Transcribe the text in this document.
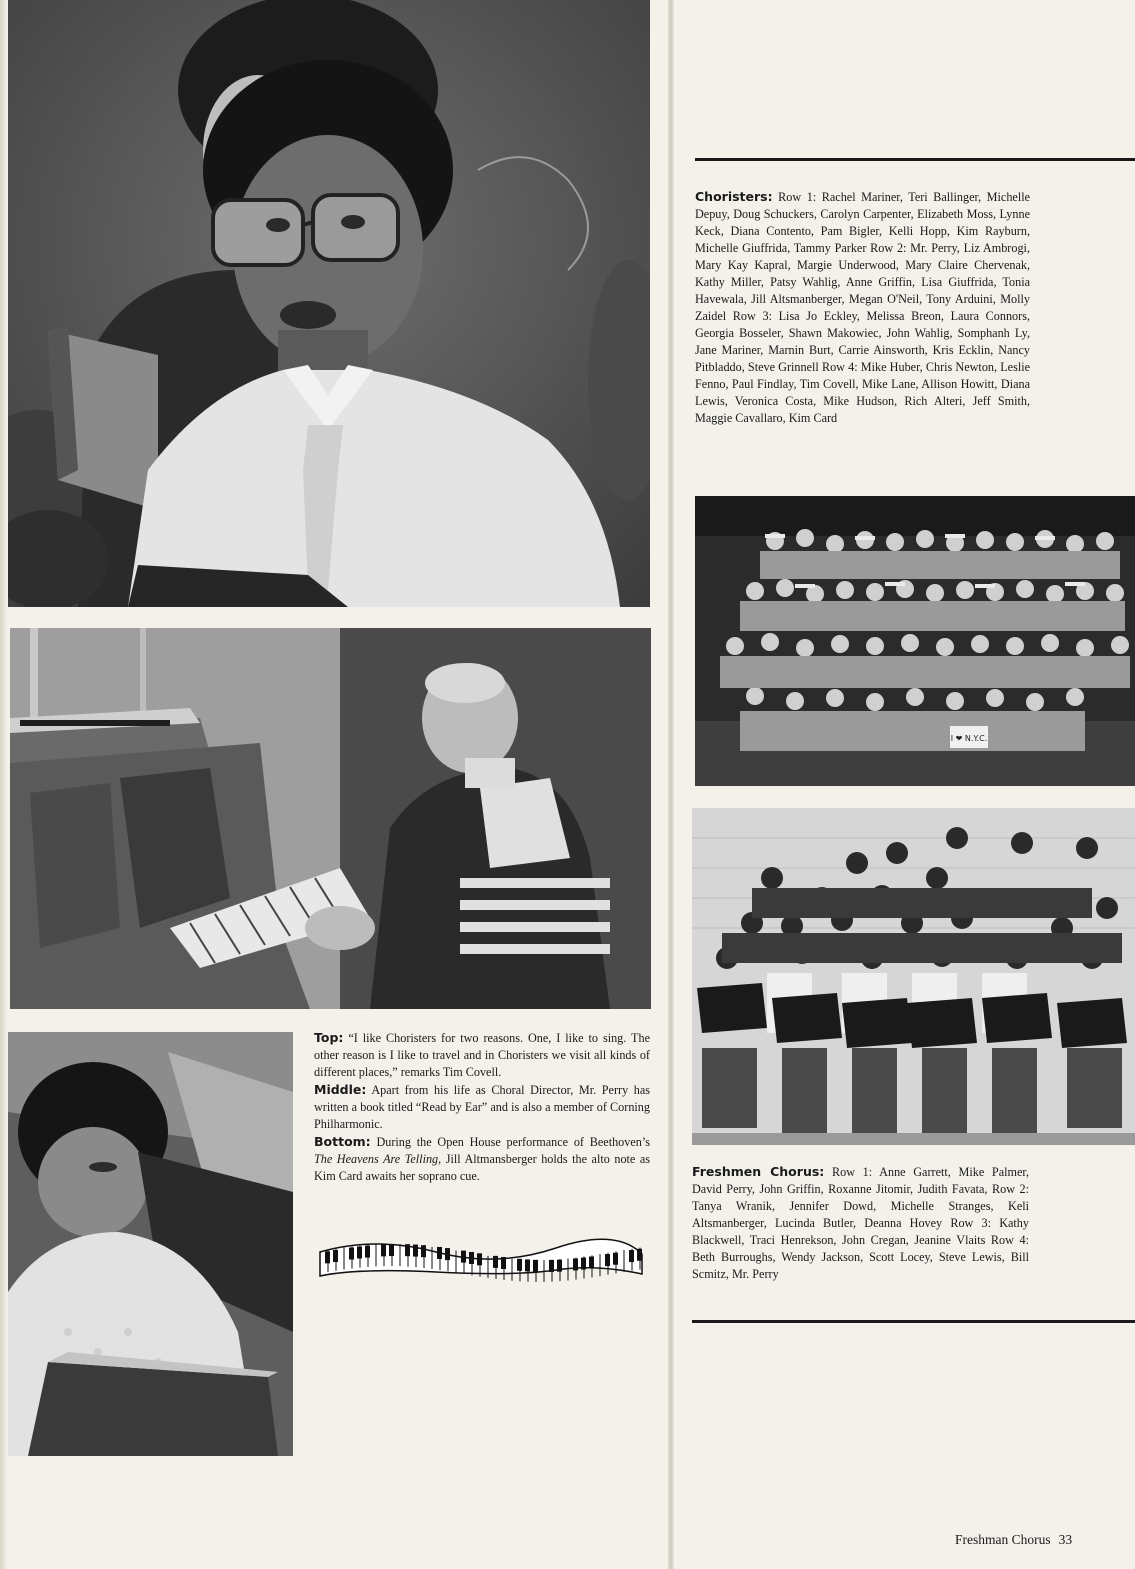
Choristers: Row 1: Rachel Mariner, Teri Ballinger, Michelle Depuy, Doug Schuckers, Carolyn Carpenter, Elizabeth Moss, Lynne Keck, Diana Contento, Pam Bigler, Kelli Hopp, Kim Rayburn, Michelle Giuffrida, Tammy Parker Row 2: Mr. Perry, Liz Ambrogi, Mary Kay Kapral, Margie Underwood, Mary Claire Chervenak, Kathy Miller, Patsy Wahlig, Anne Griffin, Lisa Giuffrida, Tonia Havewala, Jill Altsmanberger, Megan O'Neil, Tony Arduini, Molly Zaidel Row 3: Lisa Jo Eckley, Melissa Breon, Laura Connors, Georgia Bosseler, Shawn Makowiec, John Wahlig, Somphanh Ly, Jane Mariner, Marnin Burt, Carrie Ainsworth, Kris Ecklin, Nancy Pitbladdo, Steve Grinnell Row 4: Mike Huber, Chris Newton, Leslie Fenno, Paul Findlay, Tim Covell, Mike Lane, Allison Howitt, Diana Lewis, Veronica Costa, Mike Hudson, Rich Alteri, Jeff Smith, Maggie Cavallaro, Kim Card
I ❤ N.Y.C.
Freshmen Chorus: Row 1: Anne Garrett, Mike Palmer, David Perry, John Griffin, Roxanne Jitomir, Judith Favata, Row 2: Tanya Wranik, Jennifer Dowd, Michelle Stranges, Keli Altsmanberger, Lucinda Butler, Deanna Hovey Row 3: Kathy Blackwell, Traci Henrekson, John Cregan, Jeanine Vlaits Row 4: Beth Burroughs, Wendy Jackson, Scott Locey, Steve Lewis, Bill Scmitz, Mr. Perry

Top: “I like Choristers for two reasons. One, I like to sing. The other reason is I like to travel and in Choristers we visit all kinds of different places,” remarks Tim Covell.

Middle: Apart from his life as Choral Director, Mr. Perry has written a book titled “Read by Ear” and is also a member of Corning Philharmonic.

Bottom: During the Open House performance of Beethoven’s The Heavens Are Telling, Jill Altmansberger holds the alto note as Kim Card awaits her soprano cue.

Freshman Chorus 33
